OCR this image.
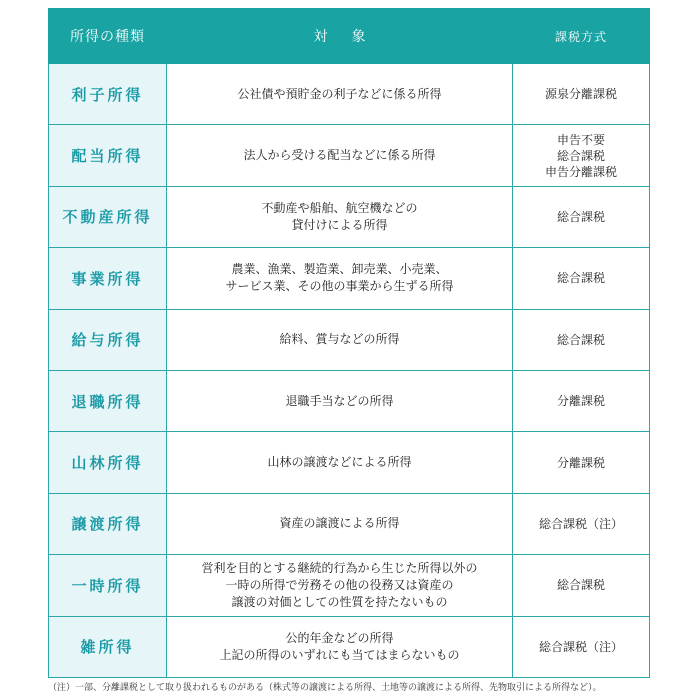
所得の種類	対象	課税方式
利子所得	公社債や預貯金の利子などに係る所得	源泉分離課税

配当所得	法人から受ける配当などに係る所得	申告不要
総合課税
申告分離課税

不動産所得	不動産や船舶、航空機などの
貸付けによる所得	総合課税

事業所得	農業、漁業、製造業、卸売業、小売業、
サービス業、その他の事業から生ずる所得	総合課税

給与所得	給料、賞与などの所得	総合課税

退職所得	退職手当などの所得	分離課税

山林所得	山林の譲渡などによる所得	分離課税

譲渡所得	資産の譲渡による所得	総合課税（注）

一時所得	営利を目的とする継続的行為から生じた所得以外の
一時の所得で労務その他の役務又は資産の
譲渡の対価としての性質を持たないもの	総合課税

雑所得	公的年金などの所得
上記の所得のいずれにも当てはまらないもの	総合課税（注）
（注）一部、分離課税として取り扱われるものがある（株式等の譲渡による所得、土地等の譲渡による所得、先物取引による所得など）。
